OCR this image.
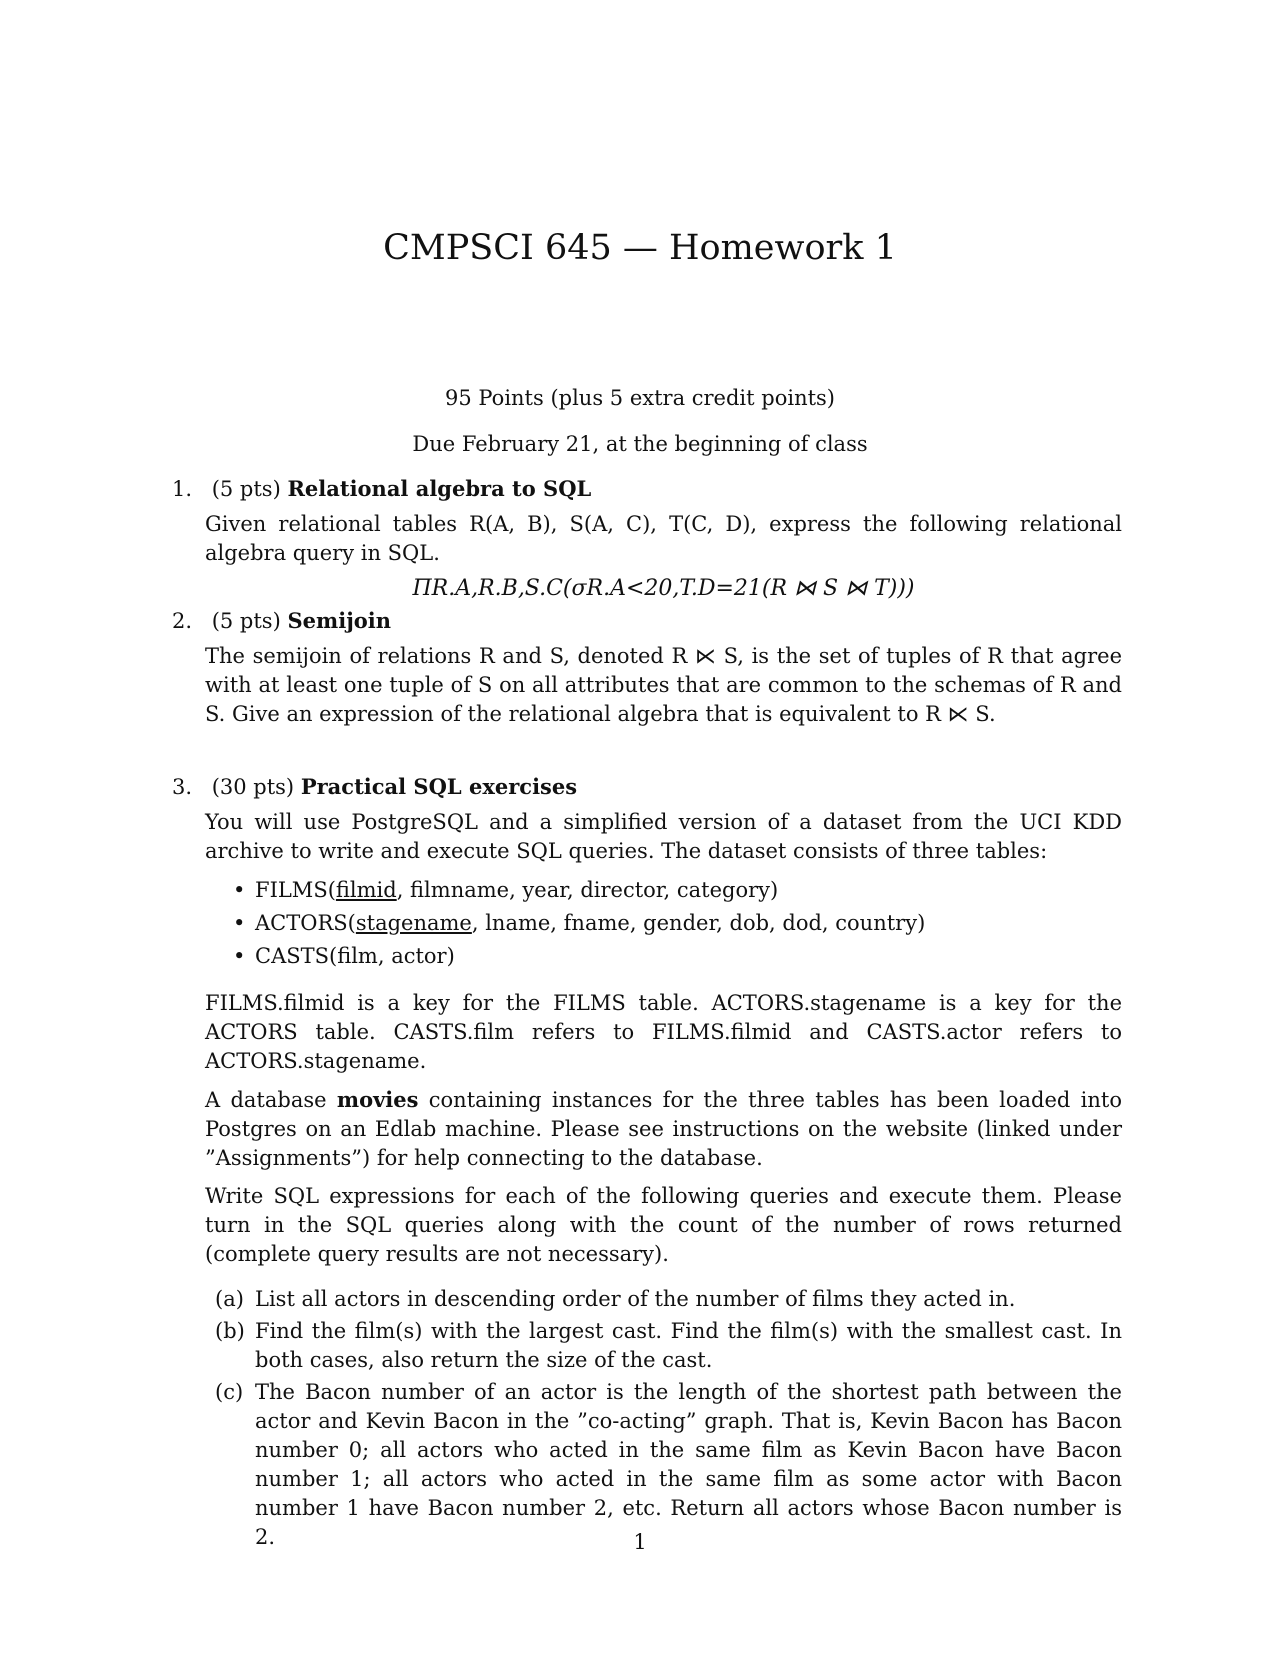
CMPSCI 645 — Homework 1
95 Points (plus 5 extra credit points)
Due February 21, at the beginning of class

1. (5 pts) Relational algebra to SQL

Given relational tables R(A, B), S(A, C), T(C, D), express the following relational algebra query in SQL.

ΠR.A,R.B,S.C(σR.A<20,T.D=21(R ⋈ S ⋈ T)))

2. (5 pts) Semijoin

The semijoin of relations R and S, denoted R ⋉ S, is the set of tuples of R that agree with at least one tuple of S on all attributes that are common to the schemas of R and S. Give an expression of the relational algebra that is equivalent to R ⋉ S.

3. (30 pts) Practical SQL exercises

You will use PostgreSQL and a simplified version of a dataset from the UCI KDD archive to write and execute SQL queries. The dataset consists of three tables:

• FILMS(filmid, filmname, year, director, category)
• ACTORS(stagename, lname, fname, gender, dob, dod, country)
• CASTS(film, actor)

FILMS.filmid is a key for the FILMS table. ACTORS.stagename is a key for the ACTORS table. CASTS.film refers to FILMS.filmid and CASTS.actor refers to ACTORS.stagename.

A database movies containing instances for the three tables has been loaded into Postgres on an Edlab machine. Please see instructions on the website (linked under ”Assignments”) for help connecting to the database.

Write SQL expressions for each of the following queries and execute them. Please turn in the SQL queries along with the count of the number of rows returned (complete query results are not necessary).

(a) List all actors in descending order of the number of films they acted in.
(b) Find the film(s) with the largest cast. Find the film(s) with the smallest cast. In both cases, also return the size of the cast.
(c) The Bacon number of an actor is the length of the shortest path between the actor and Kevin Bacon in the ”co-acting” graph. That is, Kevin Bacon has Bacon number 0; all actors who acted in the same film as Kevin Bacon have Bacon number 1; all actors who acted in the same film as some actor with Bacon number 1 have Bacon number 2, etc. Return all actors whose Bacon number is 2.	1
